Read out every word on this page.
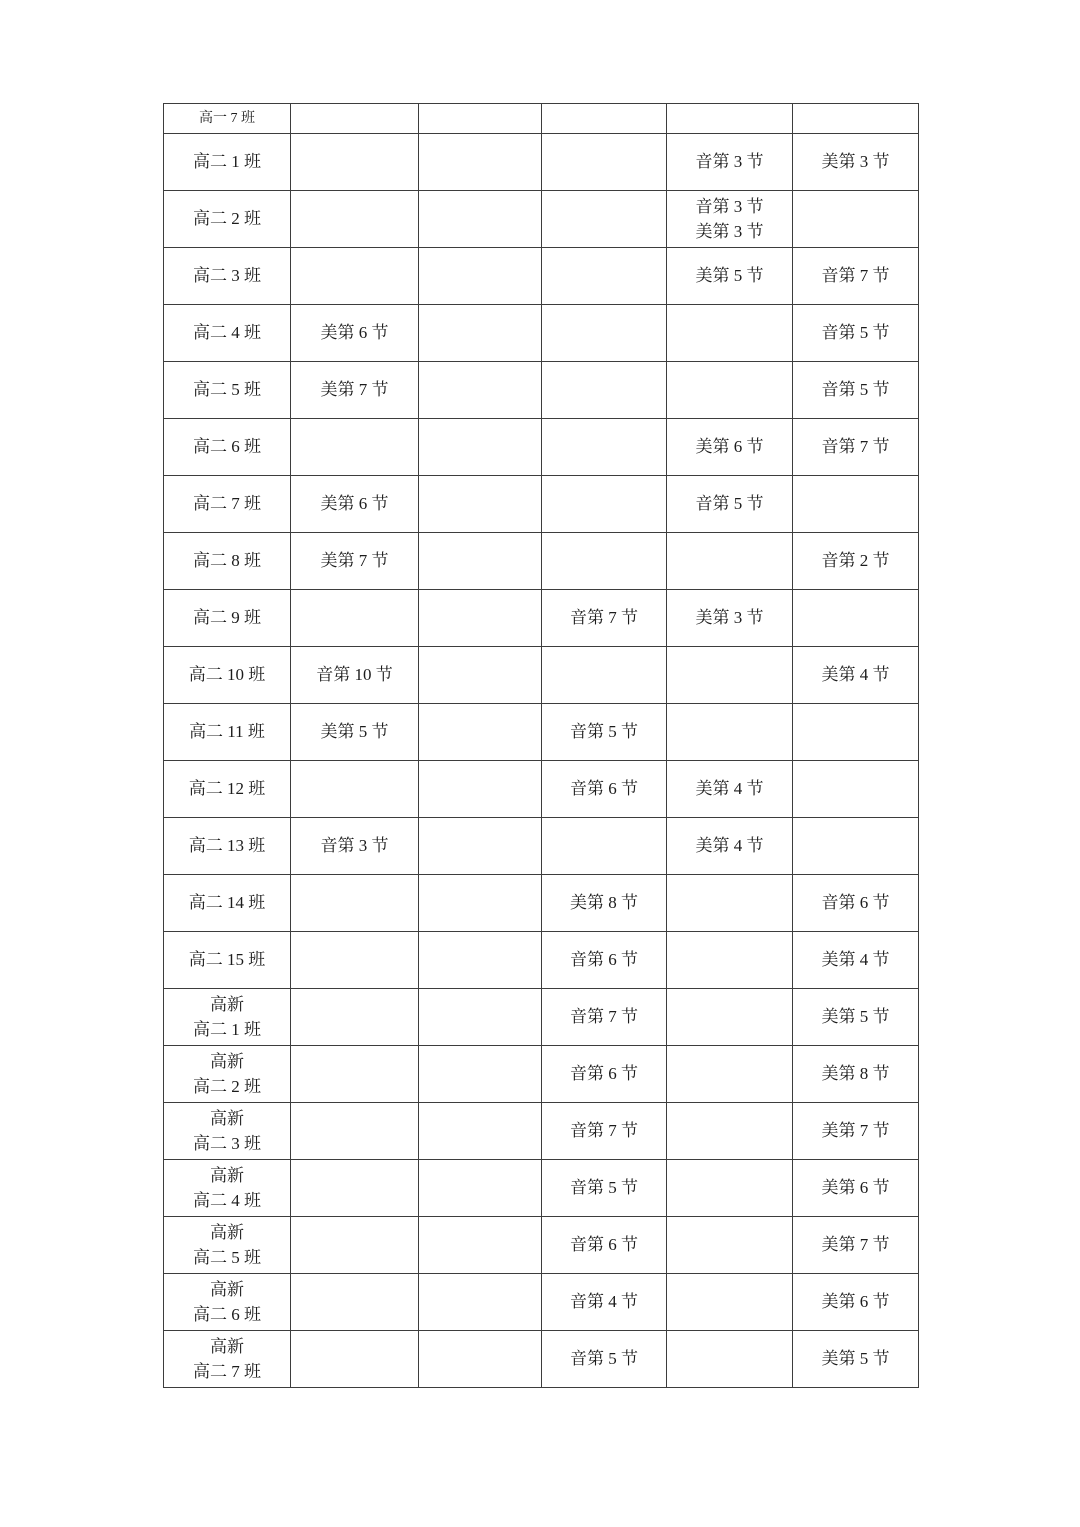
高一 7 班					

高二 1 班				音第 3 节	美第 3 节

高二 2 班				音第 3 节
美第 3 节	

高二 3 班				美第 5 节	音第 7 节

高二 4 班	美第 6 节				音第 5 节

高二 5 班	美第 7 节				音第 5 节

高二 6 班				美第 6 节	音第 7 节

高二 7 班	美第 6 节			音第 5 节	

高二 8 班	美第 7 节				音第 2 节

高二 9 班			音第 7 节	美第 3 节	

高二 10 班	音第 10 节				美第 4 节

高二 11 班	美第 5 节		音第 5 节		

高二 12 班			音第 6 节	美第 4 节	

高二 13 班	音第 3 节			美第 4 节	

高二 14 班			美第 8 节		音第 6 节

高二 15 班			音第 6 节		美第 4 节

高新
高二 1 班			音第 7 节		美第 5 节

高新
高二 2 班			音第 6 节		美第 8 节

高新
高二 3 班			音第 7 节		美第 7 节

高新
高二 4 班			音第 5 节		美第 6 节

高新
高二 5 班			音第 6 节		美第 7 节

高新
高二 6 班			音第 4 节		美第 6 节

高新
高二 7 班			音第 5 节		美第 5 节
